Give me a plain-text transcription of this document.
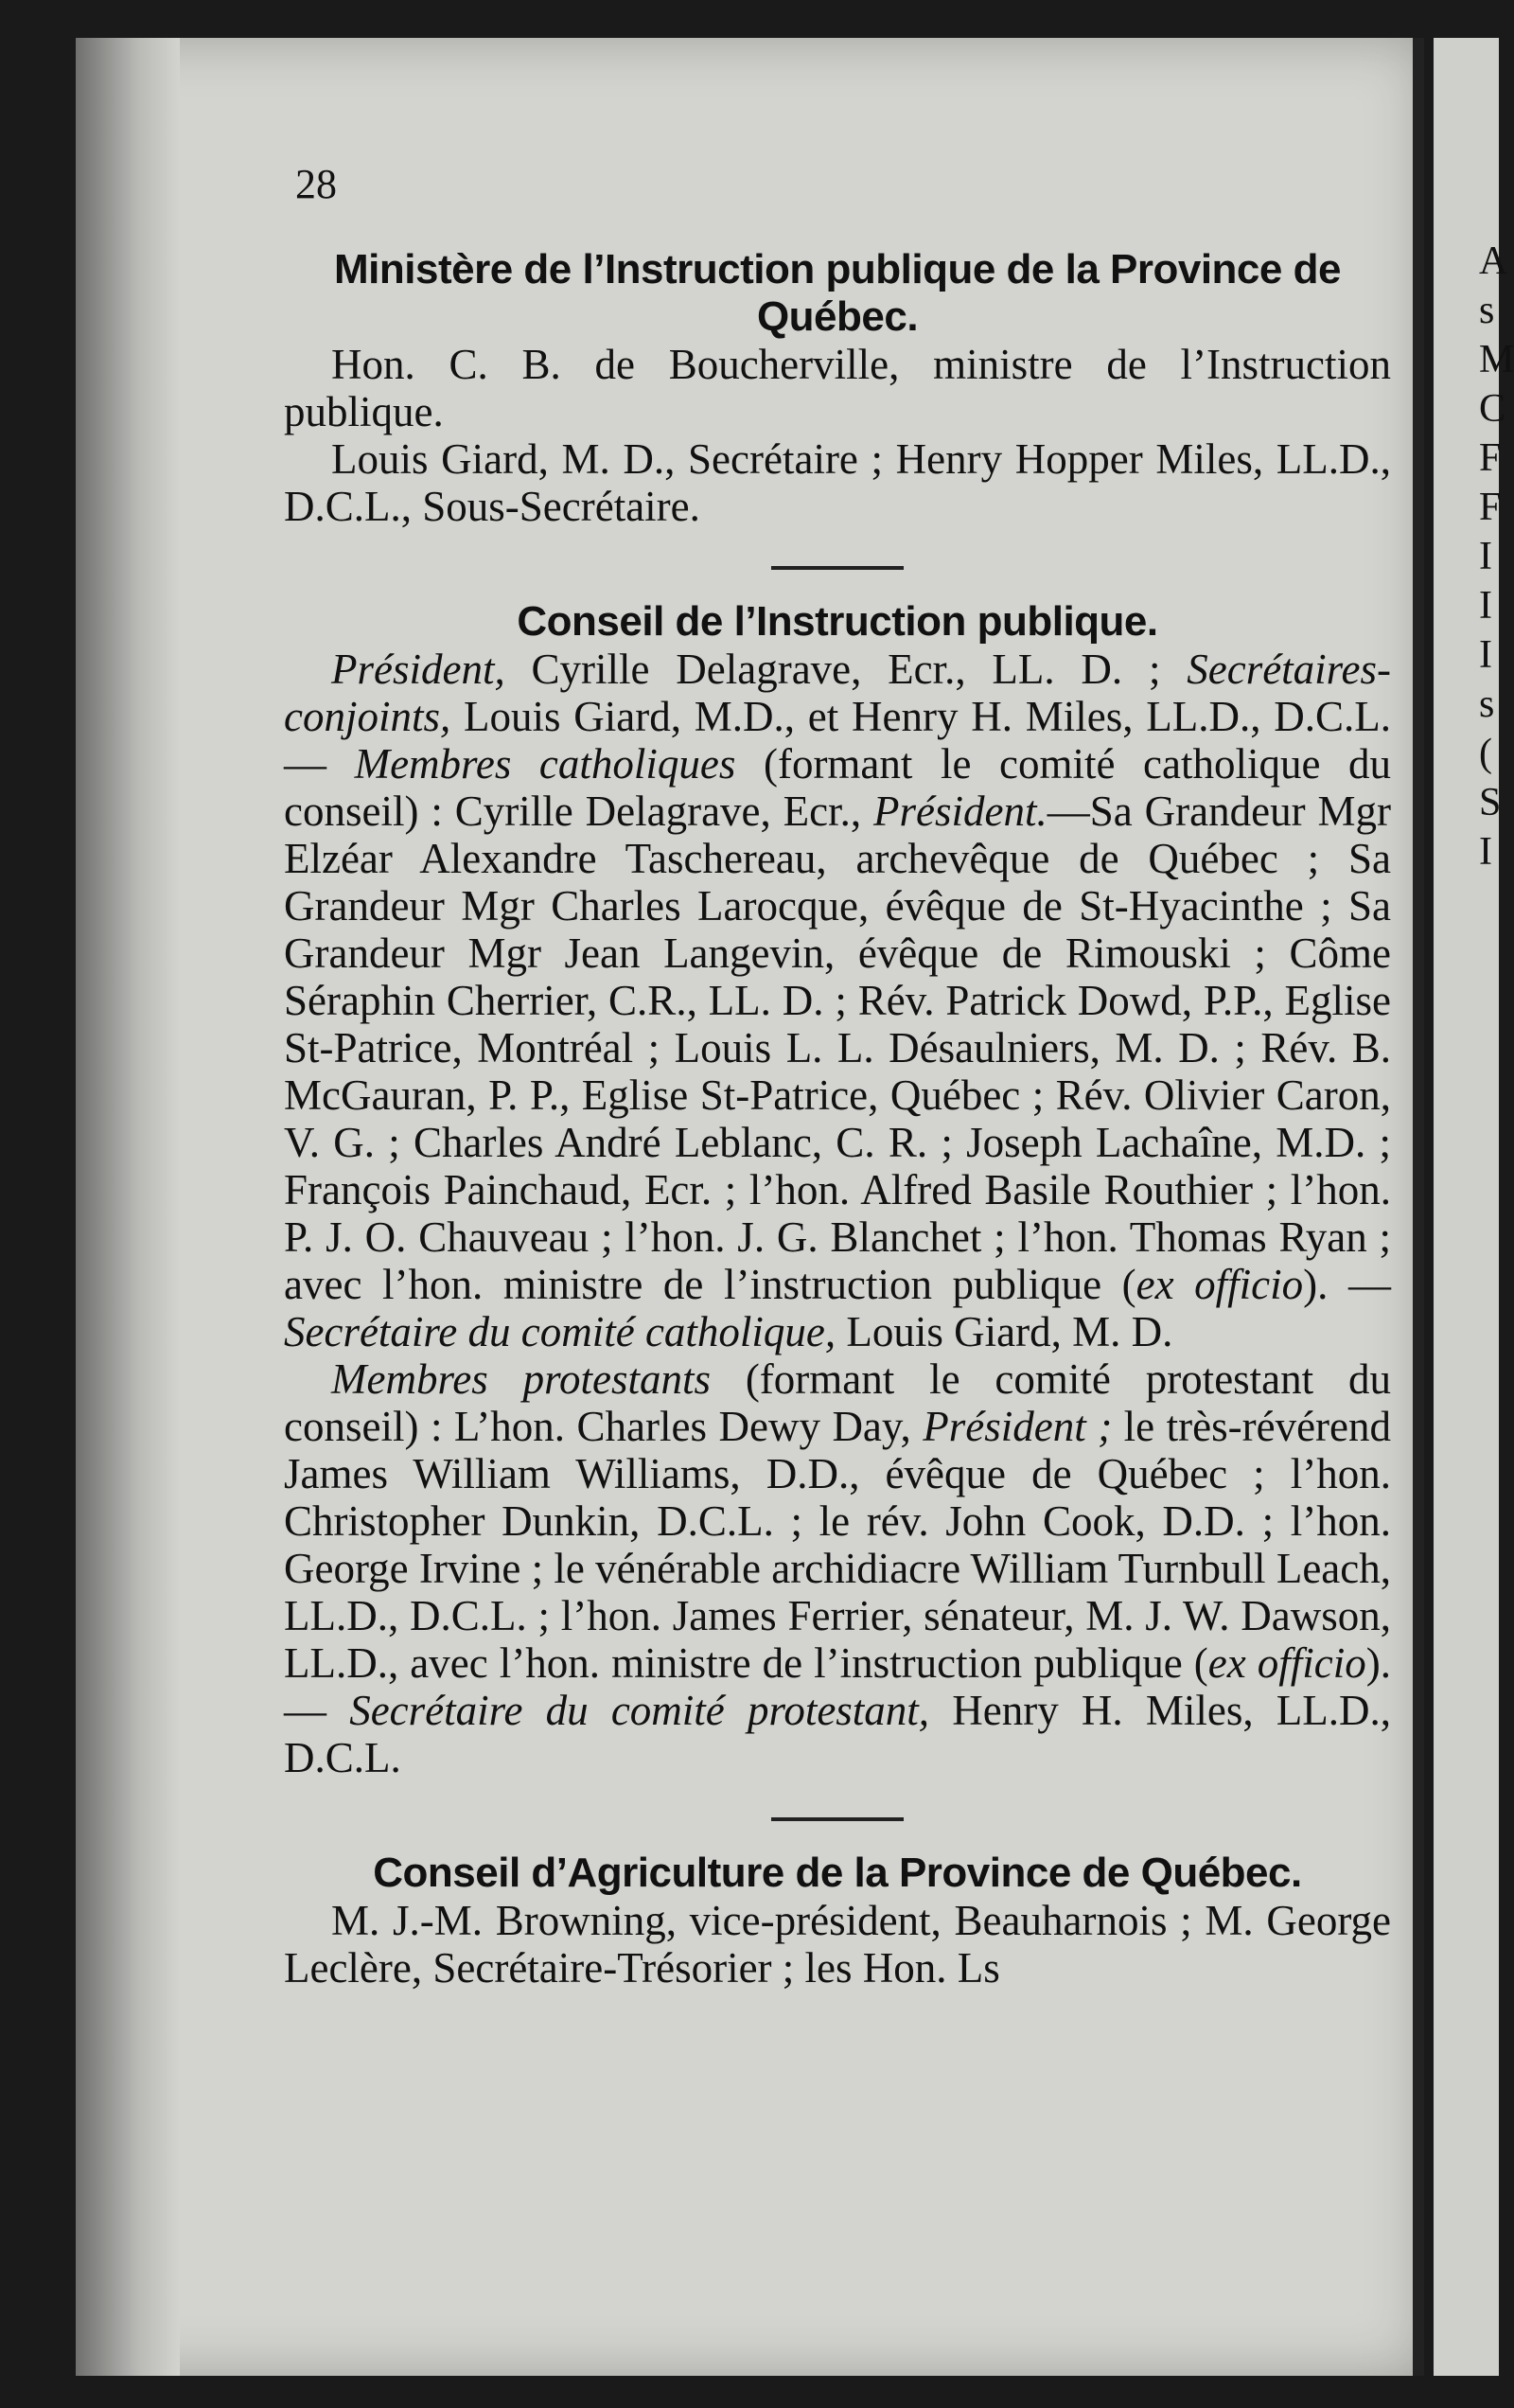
28
Ministère de l’Instruction publique de la Province de Québec.

Hon. C. B. de Boucherville, ministre de l’Instruction publique.

Louis Giard, M. D., Secrétaire ; Henry Hopper Miles, LL.D., D.C.L., Sous-Secrétaire.

Conseil de l’Instruction publique.

Président, Cyrille Delagrave, Ecr., LL. D. ; Secrétaires-conjoints, Louis Giard, M.D., et Henry H. Miles, LL.D., D.C.L.— Membres catholiques (formant le comité catholique du conseil) : Cyrille Delagrave, Ecr., Président.—Sa Grandeur Mgr Elzéar Alexandre Taschereau, archevêque de Québec ; Sa Grandeur Mgr Charles Larocque, évêque de St-Hyacinthe ; Sa Grandeur Mgr Jean Langevin, évêque de Rimouski ; Côme Séraphin Cherrier, C.R., LL. D. ; Rév. Patrick Dowd, P.P., Eglise St-Patrice, Montréal ; Louis L. L. Désaulniers, M. D. ; Rév. B. McGauran, P. P., Eglise St-Patrice, Québec ; Rév. Olivier Caron, V. G. ; Charles André Leblanc, C. R. ; Joseph Lachaîne, M.D. ; François Painchaud, Ecr. ; l’hon. Alfred Basile Routhier ; l’hon. P. J. O. Chauveau ; l’hon. J. G. Blanchet ; l’hon. Thomas Ryan ; avec l’hon. ministre de l’instruction publique (ex officio). — Secrétaire du comité catholique, Louis Giard, M. D.

Membres protestants (formant le comité protestant du conseil) : L’hon. Charles Dewy Day, Président ; le très-révérend James William Williams, D.D., évêque de Québec ; l’hon. Christopher Dunkin, D.C.L. ; le rév. John Cook, D.D. ; l’hon. George Irvine ; le vénérable archidiacre William Turnbull Leach, LL.D., D.C.L. ; l’hon. James Ferrier, sénateur, M. J. W. Dawson, LL.D., avec l’hon. ministre de l’instruction publique (ex officio).— Secrétaire du comité protestant, Henry H. Miles, LL.D., D.C.L.

Conseil d’Agriculture de la Province de Québec.

M. J.-M. Browning, vice-président, Beauharnois ; M. George Leclère, Secrétaire-Trésorier ; les Hon. Ls

A
s
M
C
F
F
I
I
I
s
(
S
I
